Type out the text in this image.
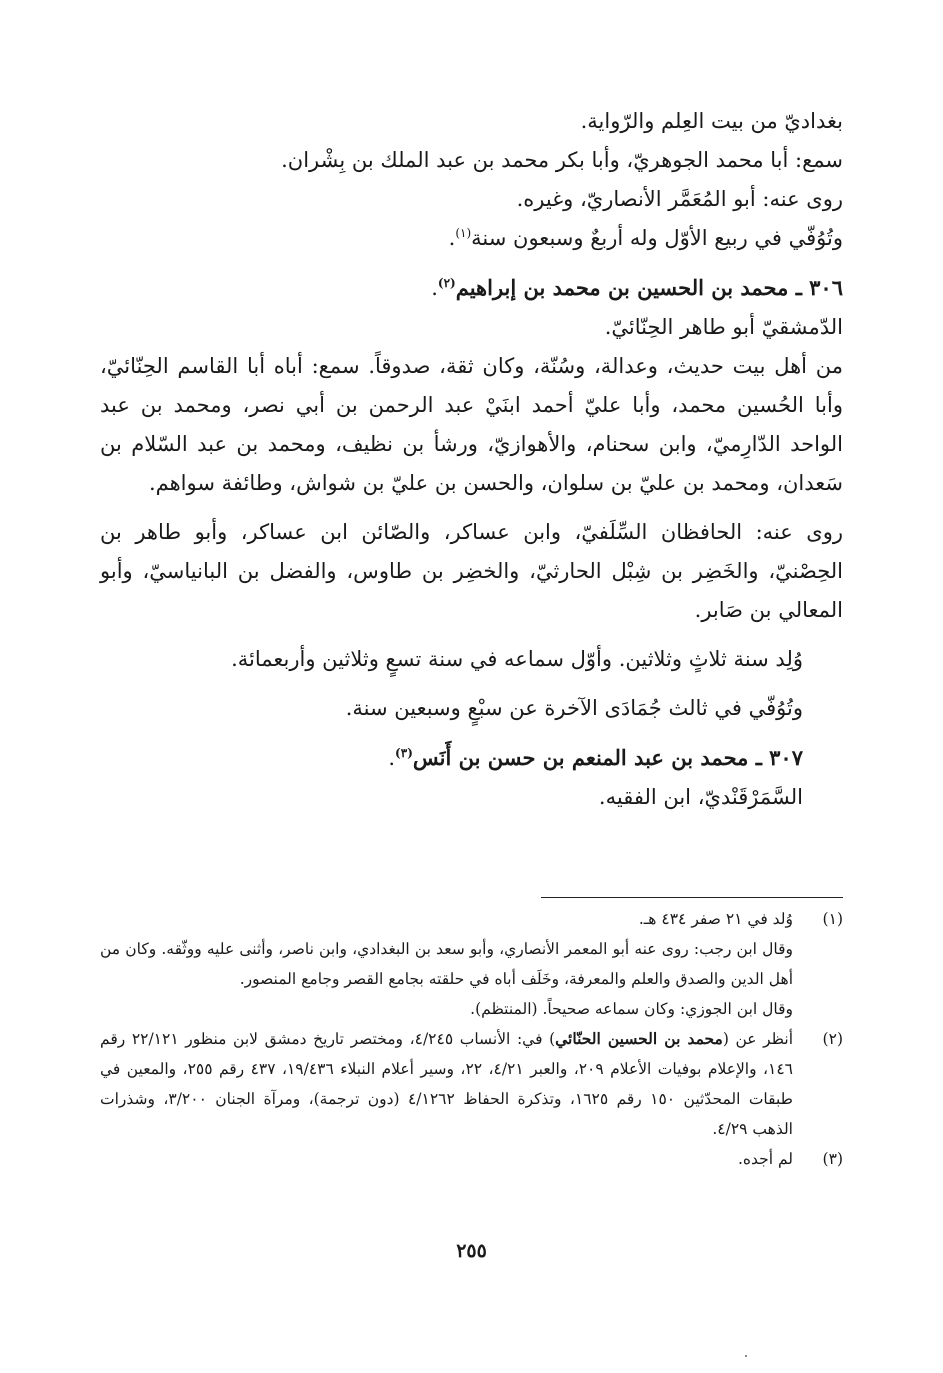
بغداديّ من بيت العِلم والرّواية.

سمع: أبا محمد الجوهريّ، وأبا بكر محمد بن عبد الملك بن بِشْران.

روى عنه: أبو المُعَمَّر الأنصاريّ، وغيره.

وتُوُفّي في ربيع الأوّل وله أربعٌ وسبعون سنة$^{(١)}$.

٣٠٦ ـ محمد بن الحسين بن محمد بن إبراهيم$^{(٢)}$.

الدّمشقيّ أبو طاهر الحِنّائيّ.

من أهل بيت حديث، وعدالة، وسُنّة، وكان ثقة، صدوقاً. سمع: أباه أبا القاسم الحِنّائيّ، وأبا الحُسين محمد، وأبا عليّ أحمد ابنَيْ عبد الرحمن بن أبي نصر، ومحمد بن عبد الواحد الدّارِميّ، وابن سحنام، والأهوازيّ، ورشأ بن نظيف، ومحمد بن عبد السّلام بن سَعدان، ومحمد بن عليّ بن سلوان، والحسن بن عليّ بن شواش، وطائفة سواهم.

روى عنه: الحافظان السِّلَفيّ، وابن عساكر، والصّائن ابن عساكر، وأبو طاهر بن الحِصْنيّ، والخَضِر بن شِبْل الحارثيّ، والخضِر بن طاوس، والفضل بن البانياسيّ، وأبو المعالي بن صَابر.

وُلِد سنة ثلاثٍ وثلاثين. وأوّل سماعه في سنة تسعٍ وثلاثين وأربعمائة.

وتُوُفّي في ثالث جُمَادَى الآخرة عن سبْعٍ وسبعين سنة.

٣٠٧ ـ محمد بن عبد المنعم بن حسن بن أَنَس$^{(٣)}$.

السَّمَرْقَنْديّ، ابن الفقيه.

(١)

وُلد في ٢١ صفر ٤٣٤ هـ.

وقال ابن رجب: روى عنه أبو المعمر الأنصاري، وأبو سعد بن البغدادي، وابن ناصر، وأثنى عليه ووثّقه. وكان من أهل الدين والصدق والعلم والمعرفة، وخَلَف أباه في حلقته بجامع القصر وجامع المنصور.

وقال ابن الجوزي: وكان سماعه صحيحاً. (المنتظم).

(٢)

أنظر عن (محمد بن الحسين الحنّائي) في: الأنساب ٤/٢٤٥، ومختصر تاريخ دمشق لابن منظور ٢٢/١٢١ رقم ١٤٦، والإعلام بوفيات الأعلام ٢٠٩، والعبر ٤/٢١، ٢٢، وسير أعلام النبلاء ١٩/٤٣٦، ٤٣٧ رقم ٢٥٥، والمعين في طبقات المحدّثين ١٥٠ رقم ١٦٢٥، وتذكرة الحفاظ ٤/١٢٦٢ (دون ترجمة)، ومرآة الجنان ٣/٢٠٠، وشذرات الذهب ٤/٢٩.

(٣)

لم أجده.

٢٥٥
